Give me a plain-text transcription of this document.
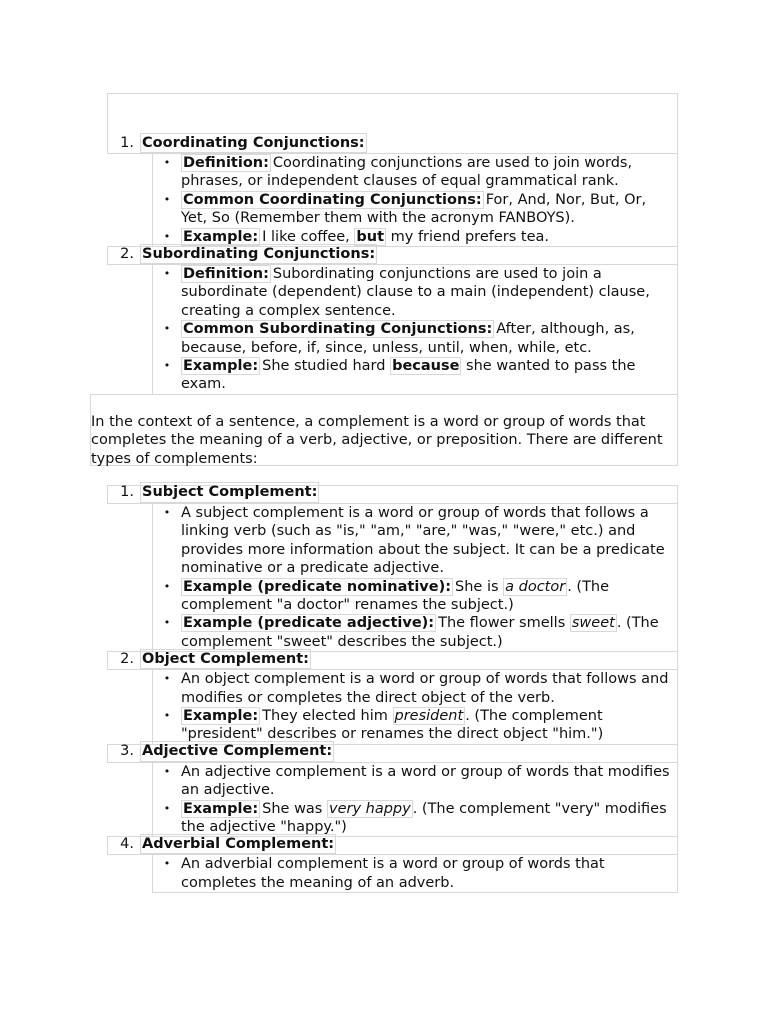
1. Coordinating Conjunctions:
• Definition: Coordinating conjunctions are used to join words, phrases, or independent clauses of equal grammatical rank.
• Common Coordinating Conjunctions: For, And, Nor, But, Or, Yet, So (Remember them with the acronym FANBOYS).
• Example: I like coffee, but my friend prefers tea.
2. Subordinating Conjunctions:
• Definition: Subordinating conjunctions are used to join a subordinate (dependent) clause to a main (independent) clause, creating a complex sentence.
• Common Subordinating Conjunctions: After, although, as, because, before, if, since, unless, until, when, while, etc.
• Example: She studied hard because she wanted to pass the exam.
In the context of a sentence, a complement is a word or group of words that completes the meaning of a verb, adjective, or preposition. There are different types of complements:
1. Subject Complement:
• A subject complement is a word or group of words that follows a linking verb (such as "is," "am," "are," "was," "were," etc.) and provides more information about the subject. It can be a predicate nominative or a predicate adjective.
• Example (predicate nominative): She is a doctor . (The complement "a doctor" renames the subject.)
• Example (predicate adjective): The flower smells sweet . (The complement "sweet" describes the subject.)
2. Object Complement:
• An object complement is a word or group of words that follows and modifies or completes the direct object of the verb.
• Example: They elected him president . (The complement "president" describes or renames the direct object "him.")
3. Adjective Complement:
• An adjective complement is a word or group of words that modifies an adjective.
• Example: She was very happy . (The complement "very" modifies the adjective "happy.")
4. Adverbial Complement:
• An adverbial complement is a word or group of words that completes the meaning of an adverb.
